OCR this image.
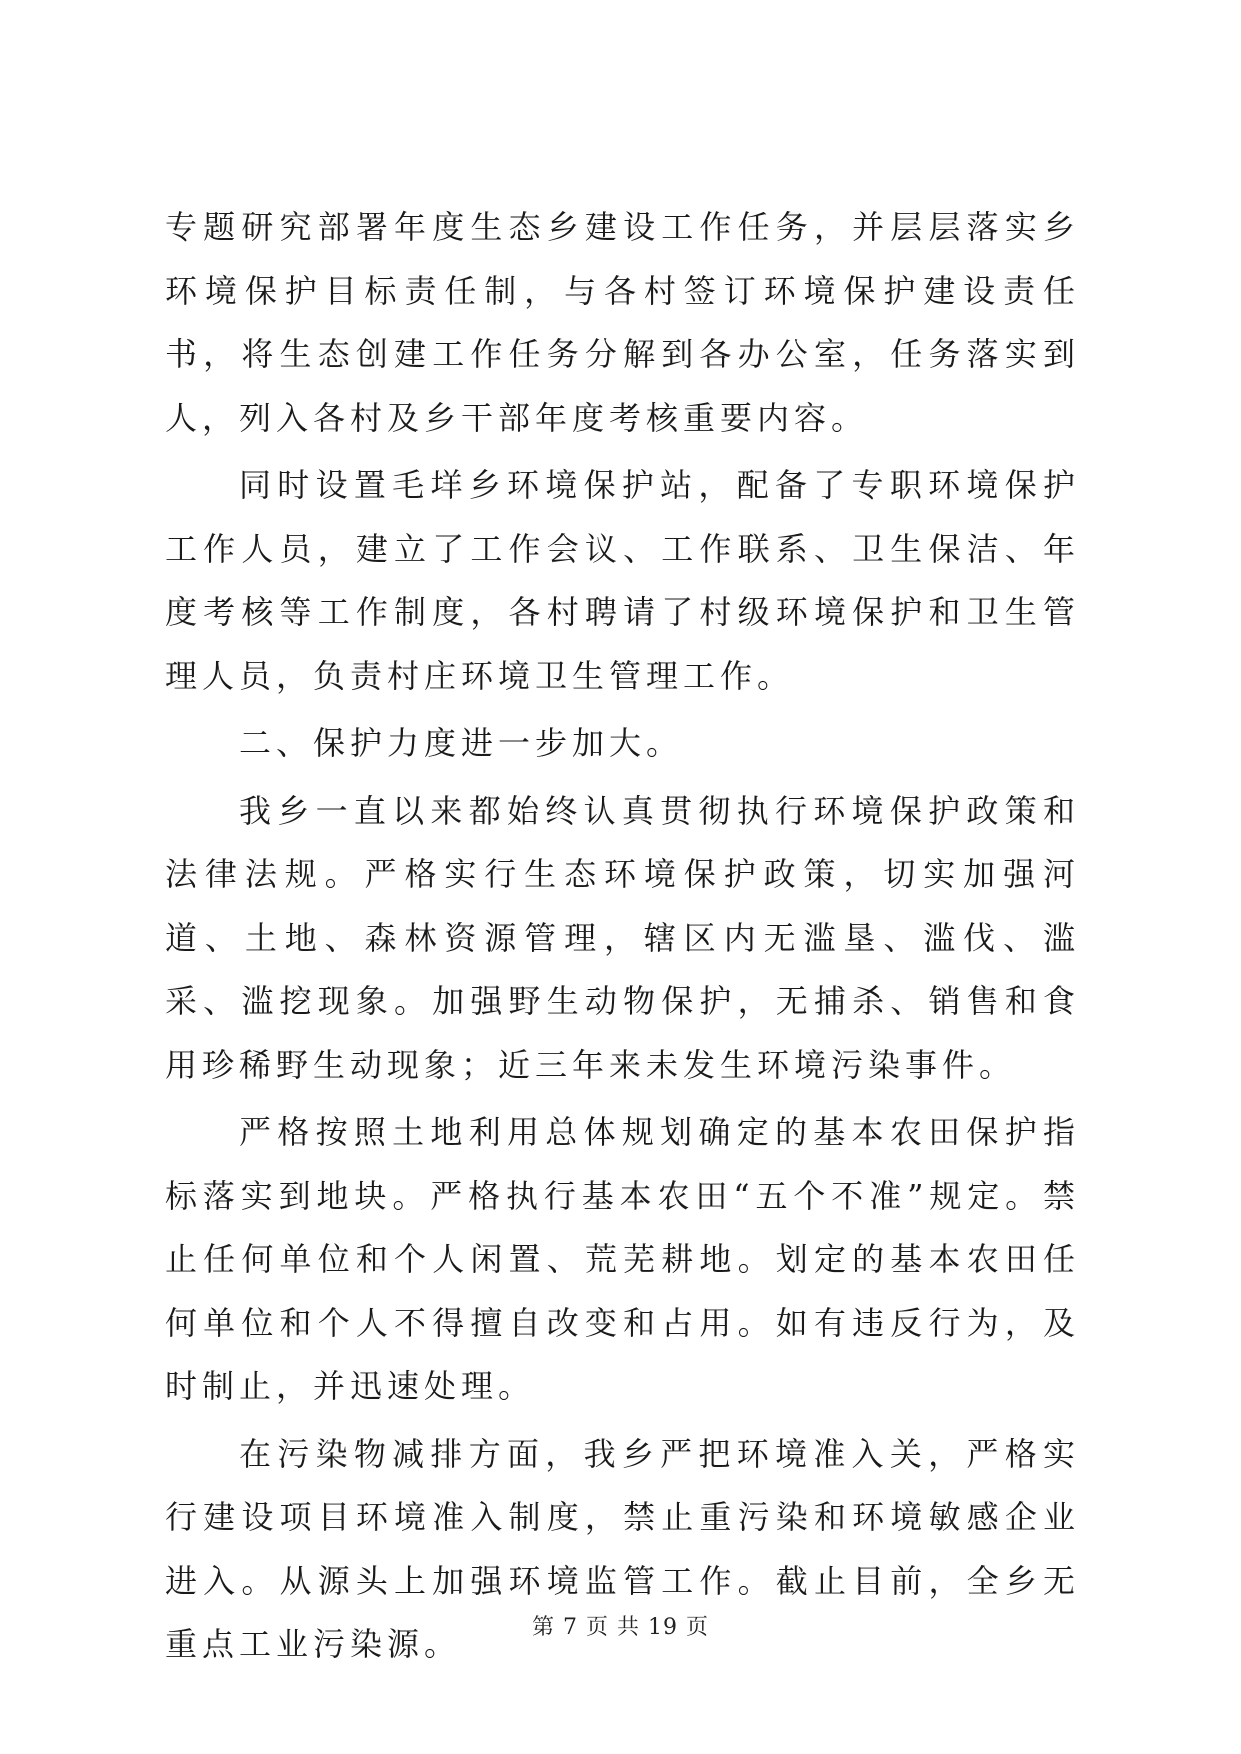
专题研究部署年度生态乡建设工作任务，并层层落实乡环境保护目标责任制，与各村签订环境保护建设责任书，将生态创建工作任务分解到各办公室，任务落实到人，列入各村及乡干部年度考核重要内容。

同时设置毛垟乡环境保护站，配备了专职环境保护工作人员，建立了工作会议、工作联系、卫生保洁、年度考核等工作制度，各村聘请了村级环境保护和卫生管理人员，负责村庄环境卫生管理工作。

二、保护力度进一步加大。

我乡一直以来都始终认真贯彻执行环境保护政策和法律法规。严格实行生态环境保护政策，切实加强河道、土地、森林资源管理，辖区内无滥垦、滥伐、滥采、滥挖现象。加强野生动物保护，无捕杀、销售和食用珍稀野生动现象；近三年来未发生环境污染事件。

严格按照土地利用总体规划确定的基本农田保护指标落实到地块。严格执行基本农田“五个不准”规定。禁止任何单位和个人闲置、荒芜耕地。划定的基本农田任何单位和个人不得擅自改变和占用。如有违反行为，及时制止，并迅速处理。

在污染物减排方面，我乡严把环境准入关，严格实行建设项目环境准入制度，禁止重污染和环境敏感企业进入。从源头上加强环境监管工作。截止目前，全乡无重点工业污染源。	第 7 页 共 19 页
